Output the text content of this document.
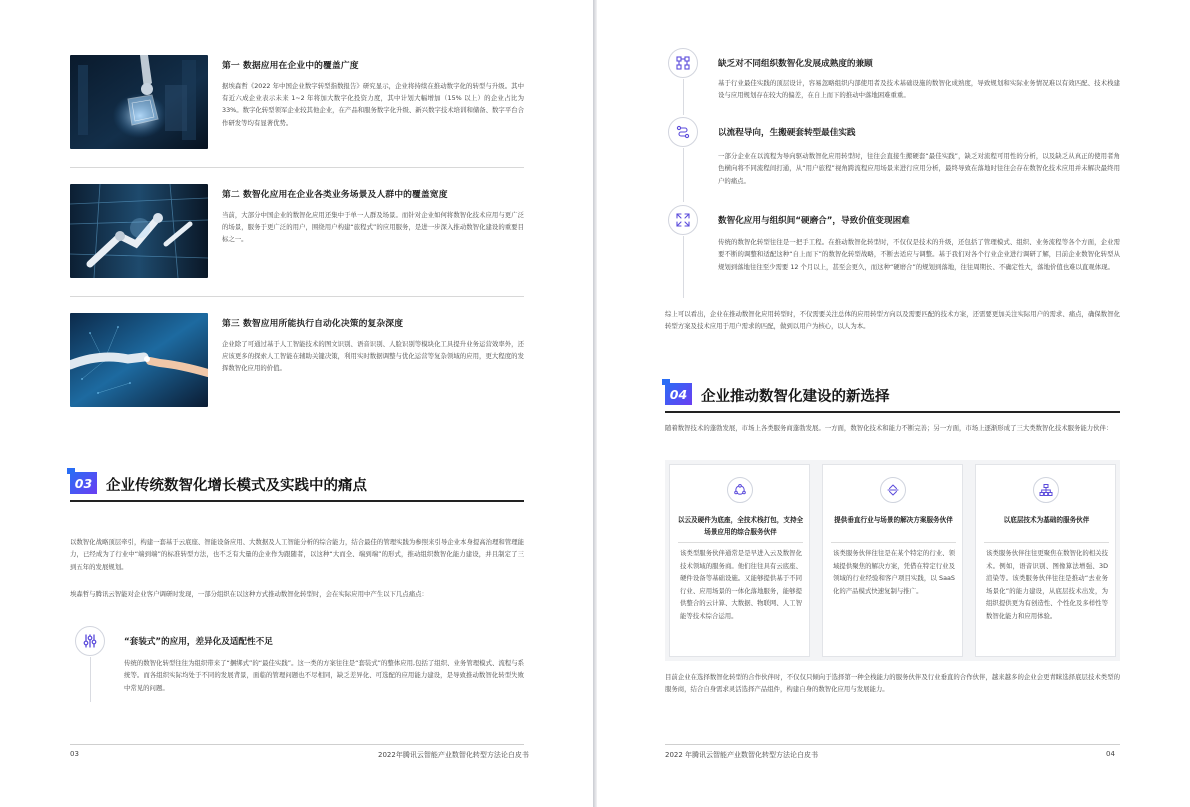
第一 数据应用在企业中的覆盖广度
据埃森哲《2022 年中国企业数字转型指数报告》研究显示，企业将持续在推动数字化的转型与升级。其中有近六成企业表示未来 1~2 年将加大数字化投资力度，其中计划大幅增加（15% 以上）的企业占比为 33%。数字化转型领军企业较其他企业，在产品和服务数字化升级、新兴数字技术培训和储备、数字平台合作研发等均有显著优势。
第二 数智化应用在企业各类业务场景及人群中的覆盖宽度
当前，大部分中国企业的数智化应用还集中于单一人群及场景。而针对企业如何将数智化技术应用与更广泛的场景，服务于更广泛的用户，围绕用户构建“旅程式”的应用服务，是进一步深入推动数智化建设的重要目标之一。
第三 数智应用所能执行自动化决策的复杂深度
企业除了可通过基于人工智能技术的图文识别、语音识别、人脸识别等模块化工具提升业务运营效率外，还应该更多的探索人工智能在辅助关键决策，利用实时数据调整与优化运营等复杂领域的应用，更大程度的发挥数智化应用的价值。
03 企业传统数智化增长模式及实践中的痛点
以数智化战略顶层牵引，构建一套基于云底座、智能设备应用、大数据及人工智能分析的综合能力，结合最佳的管理实践为参照来引导企业本身提高治理和管理能力，已经成为了行业中“端到端”的标准转型方法，也不乏有大量的企业作为跟随者，以这种“大而全、端到端”的形式，推动组织数智化能力建设，并且制定了三到五年的发展规划。
埃森哲与腾讯云智能对企业客户调研时发现，一部分组织在以这种方式推动数智化转型时，会在实际应用中产生以下几点痛点：
“套装式”的应用，差异化及适配性不足
传统的数智化转型往往为组织带来了“捆绑式”的“最佳实践”。这一类的方案往往是“套装式”的整体应用,包括了组织、业务管理模式、流程与系统等。而各组织实际均处于不同的发展背景，面临的管理问题也不尽相同，缺乏差异化、可选配的应用能力建设，是导致推动数智化转型失败中常见的问题。
03	2022年腾讯云智能产业数智化转型方法论白皮书
缺乏对不同组织数智化发展成熟度的兼顾
基于行业最佳实践的顶层设计，容易忽略组织内部使用者及技术基础设施的数智化成熟度，导致规划和实际业务情况难以有效匹配、技术栈建设与应用规划存在较大的偏差，在自上而下的推动中落地困难重重。
以流程导向，生搬硬套转型最佳实践
一部分企业在以流程为导向驱动数智化应用转型时，往往会直接生搬硬套“最佳实践”，缺乏对流程可用性的分析，以及缺乏从真正的使用者角色横向将不同流程间打通，从“用户旅程”视角跨流程应用场景来进行应用分析，最终导致在落地时往往会存在数智化技术应用并未解决最终用户的痛点。
数智化应用与组织间“硬磨合”，导致价值变现困难
传统的数智化转型往往是一把手工程。在推动数智化转型时，不仅仅是技术的升级，还包括了管理模式、组织、业务流程等各个方面，企业需要不断的调整和适配这种“自上而下”的数智化转型战略，不断去适应与调整。基于我们对各个行业企业进行调研了解，目前企业数智化转型从规划到落地往往至少需要 12 个月以上，甚至会更久，而这种“硬磨合”的规划到落地，往往周期长、不确定性大，落地价值也难以直观体现。
综上可以看出，企业在推动数智化应用转型时，不仅需要关注总体的应用转型方向以及需要匹配的技术方案，还需要更加关注实际用户的需求、痛点，确保数智化转型方案及技术应用于用户需求的匹配，做到以用户为核心，以人为本。
04 企业推动数智化建设的新选择
随着数智技术的蓬勃发展，市场上各类服务商蓬勃发展。一方面，数智化技术和能力不断完善；另一方面，市场上逐渐形成了三大类数智化技术服务能力伙伴：
以云及硬件为底座，全技术栈打包，支持全场景应用的综合服务伙伴
该类型服务伙伴通常是是早进入云及数智化技术领域的服务商。他们往往具有云底座、硬件设备等基础设施。又能够提供基于不同行业、应用场景的一体化落地服务，能够提供整合的云计算、大数据、物联网、人工智能等技术综合运用。
提供垂直行业与场景的解决方案服务伙伴
该类服务伙伴往往是在某个特定的行业、领域提供聚焦的解决方案，凭借在特定行业及领域的行业经验和客户项目实践，以 SaaS 化的产品模式快速复制与推广。
以底层技术为基础的服务伙伴
该类服务伙伴往往更聚焦在数智化的相关技术。例如，语音识别、图像算法增强、3D 渲染等。该类服务伙伴往往是推动“去业务场景化”的能力建设，从底层技术出发，为组织提供更为有创造性、个性化及多样性等数智化能力和应用体验。
目前企业在选择数智化转型的合作伙伴时，不仅仅只倾向于选择第一种全栈能力的服务伙伴及行业垂直的合作伙伴，越来越多的企业会更青睐选择底层技术类型的服务商，结合自身需求灵活选择产品组件，构建自身的数智化应用与发展能力。
2022 年腾讯云智能产业数智化转型方法论白皮书	04
